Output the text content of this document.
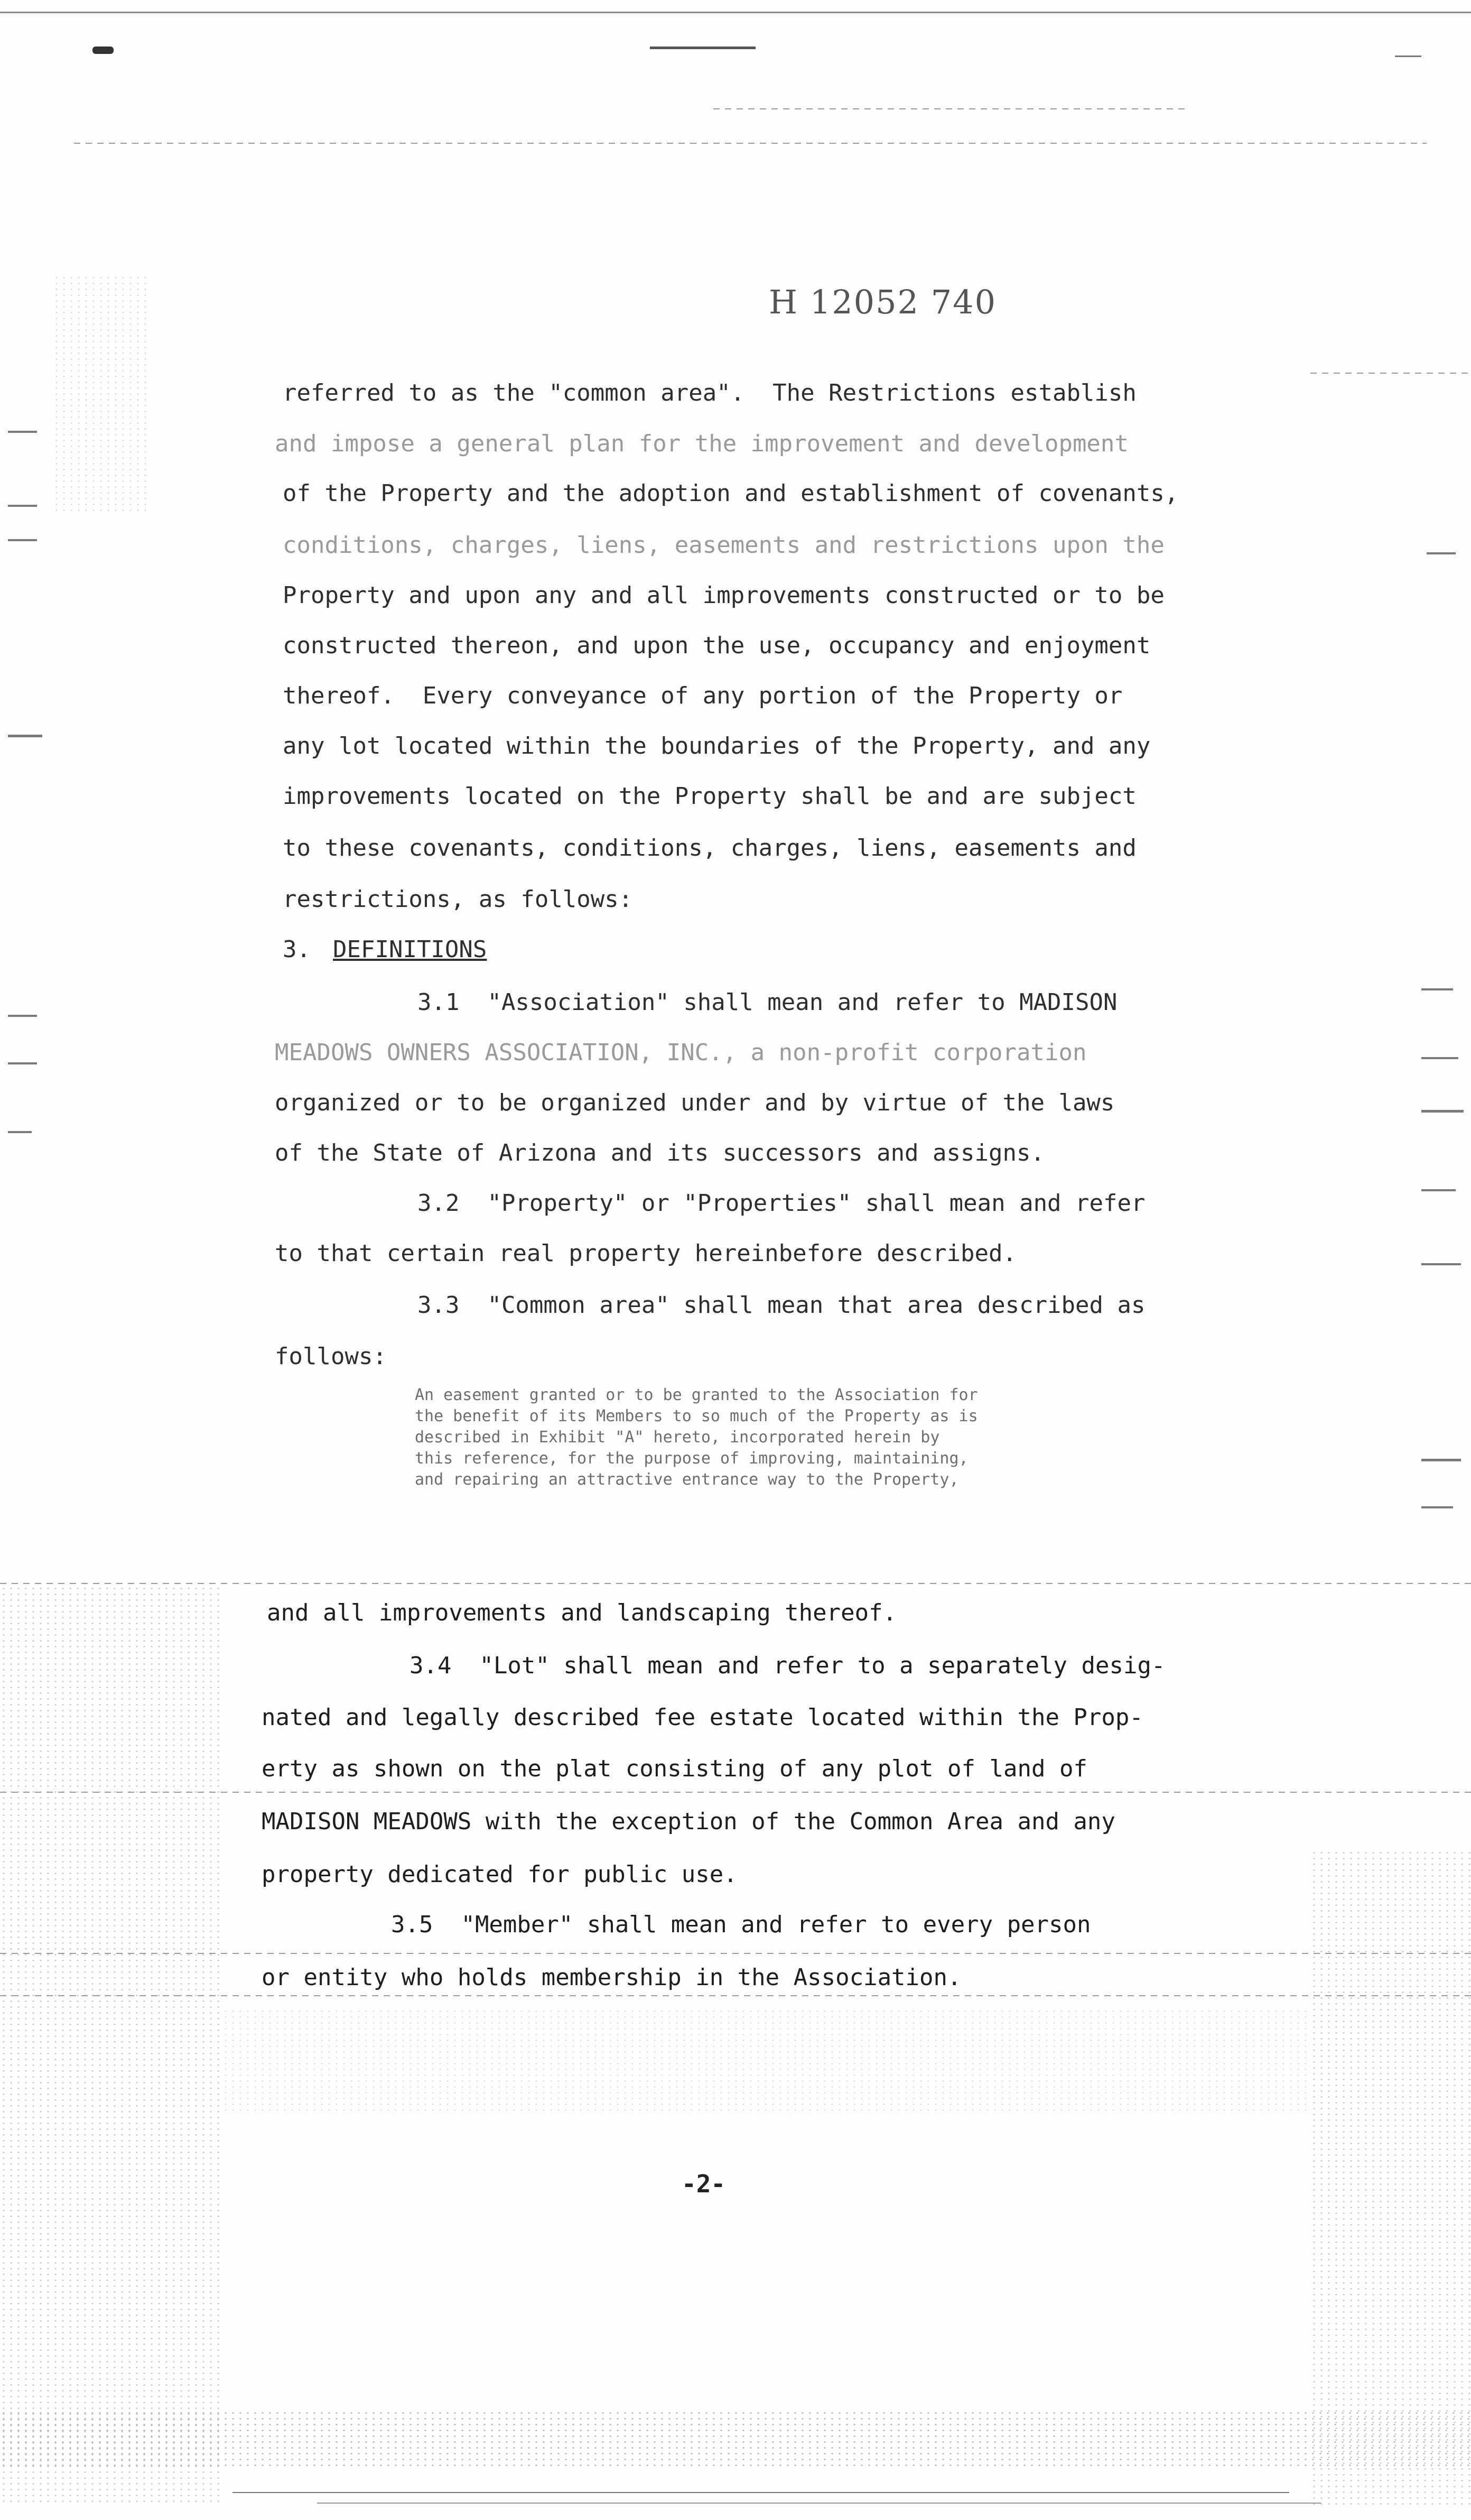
H 12052 740
referred to as the "common area".  The Restrictions establish
and impose a general plan for the improvement and development
of the Property and the adoption and establishment of covenants,
conditions, charges, liens, easements and restrictions upon the
Property and upon any and all improvements constructed or to be
constructed thereon, and upon the use, occupancy and enjoyment
thereof.  Every conveyance of any portion of the Property or
any lot located within the boundaries of the Property, and any
improvements located on the Property shall be and are subject
to these covenants, conditions, charges, liens, easements and
restrictions, as follows:
3. DEFINITIONS
3.1  "Association" shall mean and refer to MADISON
MEADOWS OWNERS ASSOCIATION, INC., a non-profit corporation
organized or to be organized under and by virtue of the laws
of the State of Arizona and its successors and assigns.
3.2  "Property" or "Properties" shall mean and refer
to that certain real property hereinbefore described.
3.3  "Common area" shall mean that area described as
follows:
An easement granted or to be granted to the Association for
the benefit of its Members to so much of the Property as is
described in Exhibit "A" hereto, incorporated herein by
this reference, for the purpose of improving, maintaining,
and repairing an attractive entrance way to the Property,
and all improvements and landscaping thereof.
3.4  "Lot" shall mean and refer to a separately desig-
nated and legally described fee estate located within the Prop-
erty as shown on the plat consisting of any plot of land of
MADISON MEADOWS with the exception of the Common Area and any
property dedicated for public use.
3.5  "Member" shall mean and refer to every person
or entity who holds membership in the Association.
-2-
